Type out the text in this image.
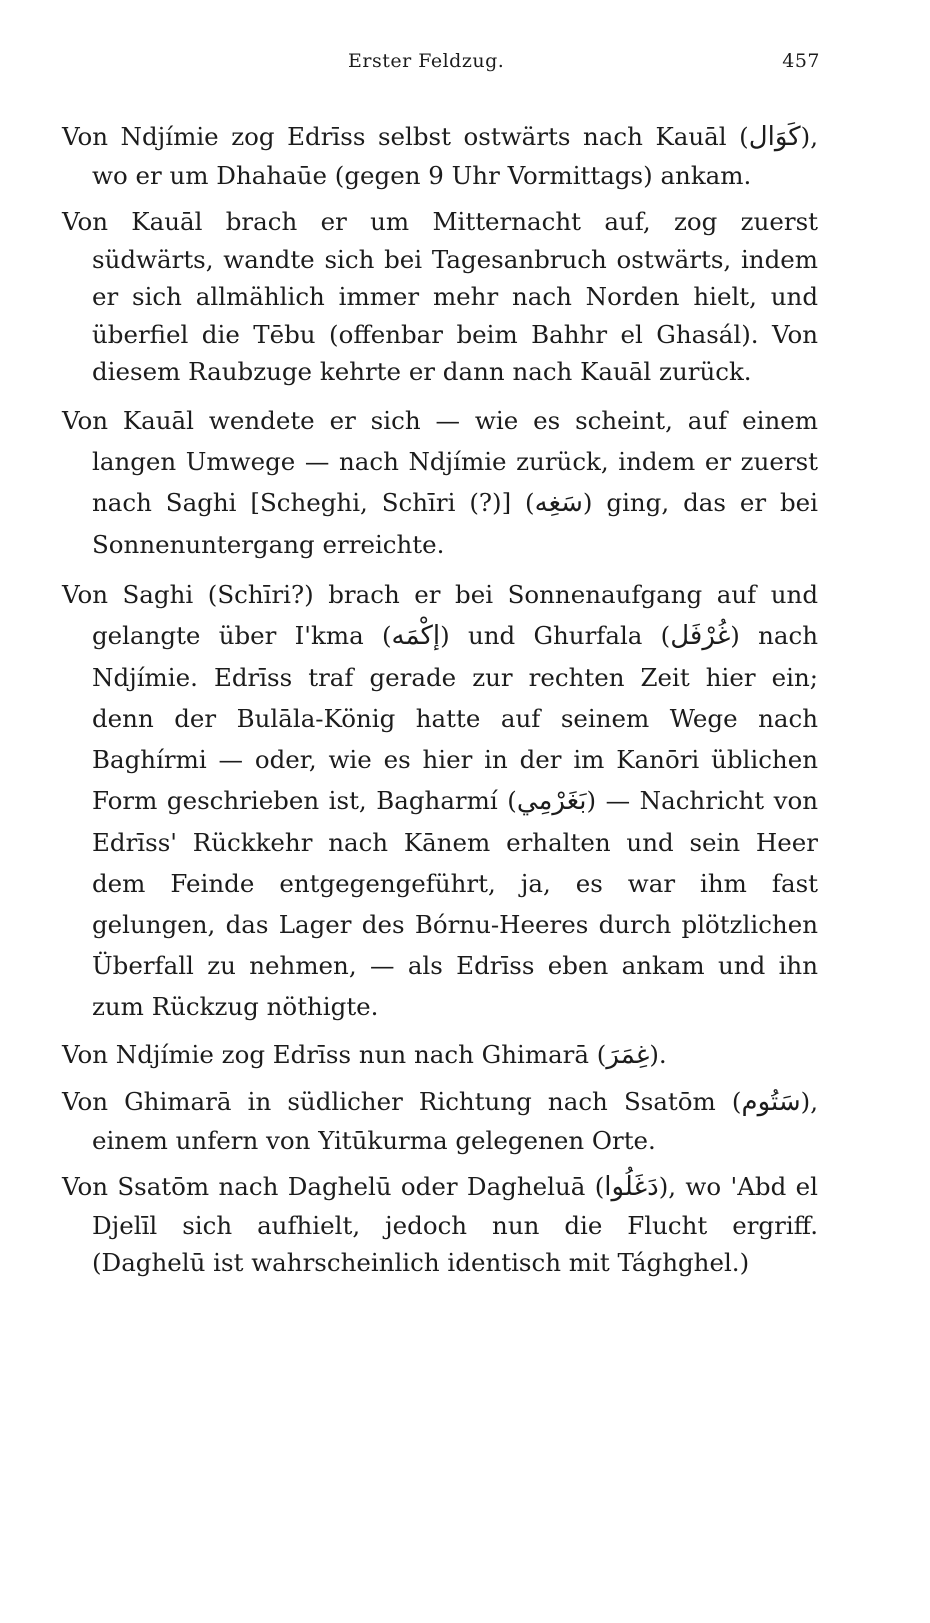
Erster Feldzug.	457

Von Ndjímie zog Edrīss selbst ostwärts nach Kauāl (كَوَال), wo er um Dhahaūe (gegen 9 Uhr Vormittags) ankam.

Von Kauāl brach er um Mitternacht auf, zog zuerst südwärts, wandte sich bei Tagesanbruch ostwärts, indem er sich allmählich immer mehr nach Norden hielt, und überfiel die Tēbu (offenbar beim Bahhr el Ghasál). Von diesem Raubzuge kehrte er dann nach Kauāl zurück.

Von Kauāl wendete er sich — wie es scheint, auf einem langen Umwege — nach Ndjímie zurück, indem er zuerst nach Saghi [Scheghi, Schīri (?)] (سَغِه) ging, das er bei Sonnenuntergang erreichte.

Von Saghi (Schīri?) brach er bei Sonnenaufgang auf und gelangte über I'kma (إكْمَه) und Ghurfala (غُرْفَل) nach Ndjímie. Edrīss traf gerade zur rechten Zeit hier ein; denn der Bulāla-König hatte auf seinem Wege nach Baghírmi — oder, wie es hier in der im Kanōri üblichen Form geschrieben ist, Bagharmí (بَغَرْمِي) — Nachricht von Edrīss' Rückkehr nach Kānem erhalten und sein Heer dem Feinde entgegengeführt, ja, es war ihm fast gelungen, das Lager des Bórnu-Heeres durch plötzlichen Überfall zu nehmen, — als Edrīss eben ankam und ihn zum Rückzug nöthigte.

Von Ndjímie zog Edrīss nun nach Ghimarā (غِمَرَ).

Von Ghimarā in südlicher Richtung nach Ssatōm (سَتُوم), einem unfern von Yitūkurma gelegenen Orte.

Von Ssatōm nach Daghelū oder Dagheluā (دَغَلُوا), wo 'Abd el Djelīl sich aufhielt, jedoch nun die Flucht ergriff. (Daghelū ist wahrscheinlich identisch mit Tághghel.)
